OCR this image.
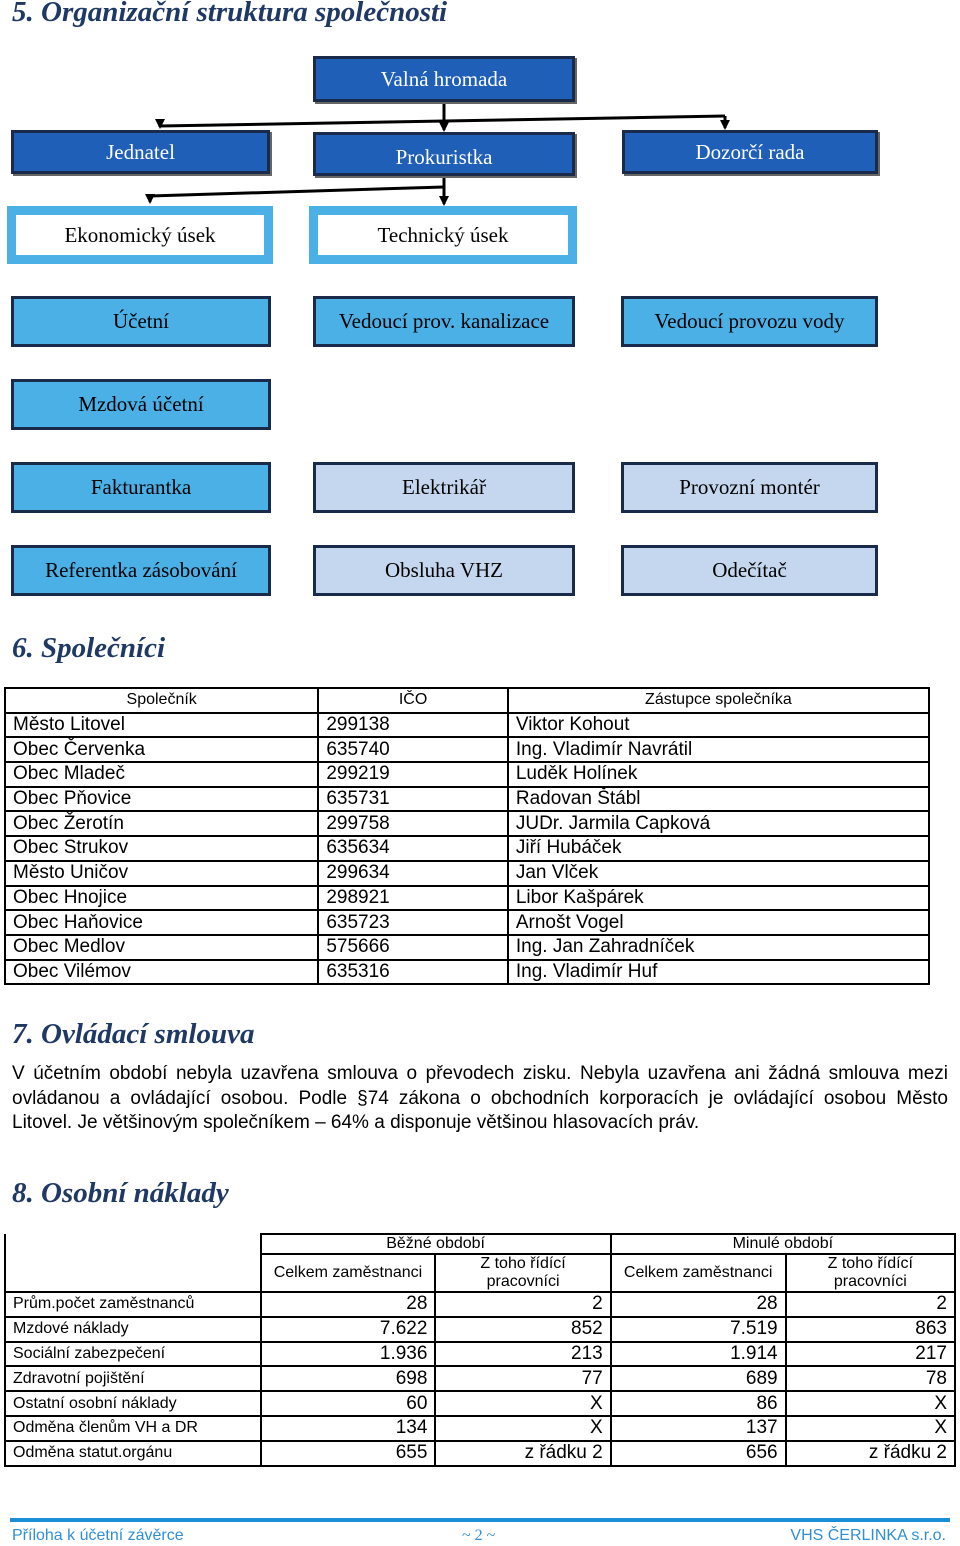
5. Organizační struktura společnosti
Valná hromada
Jednatel	Prokuristka	Dozorčí rada
Ekonomický úsek	Technický úsek
Účetní	Vedoucí prov. kanalizace	Vedoucí provozu vody
Mzdová účetní
Fakturantka	Elektrikář	Provozní montér
Referentka zásobování	Obsluha VHZ	Odečítač
6. Společníci
Společník	IČO	Zástupce společníka
Město Litovel	299138	Viktor Kohout
Obec Červenka	635740	Ing. Vladimír Navrátil
Obec Mladeč	299219	Luděk Holínek
Obec Pňovice	635731	Radovan Štábl
Obec Žerotín	299758	JUDr. Jarmila Capková
Obec Strukov	635634	Jiří Hubáček
Město Uničov	299634	Jan Vlček
Obec Hnojice	298921	Libor Kašpárek
Obec Haňovice	635723	Arnošt Vogel
Obec Medlov	575666	Ing. Jan Zahradníček
Obec Vilémov	635316	Ing. Vladimír Huf
7. Ovládací smlouva

V účetním období nebyla uzavřena smlouva o převodech zisku. Nebyla uzavřena ani žádná smlouva mezi ovládanou a ovládající osobou. Podle §74 zákona o obchodních korporacích je ovládající osobou Město Litovel. Je většinovým společníkem – 64% a disponuje většinou hlasovacích práv.

8. Osobní náklady
	Běžné období		Minulé období	
	Celkem zaměstnanci	Z toho řídící pracovníci	Celkem zaměstnanci	Z toho řídící pracovníci
Prům.počet zaměstnanců	28	2	28	2
Mzdové náklady	7.622	852	7.519	863
Sociální zabezpečení	1.936	213	1.914	217
Zdravotní pojištění	698	77	689	78
Ostatní osobní náklady	60	X	86	X
Odměna členům VH a DR	134	X	137	X
Odměna statut.orgánu	655	z řádku 2	656	z řádku 2
Příloha k účetní závěrce	~ 2 ~	VHS ČERLINKA s.r.o.
